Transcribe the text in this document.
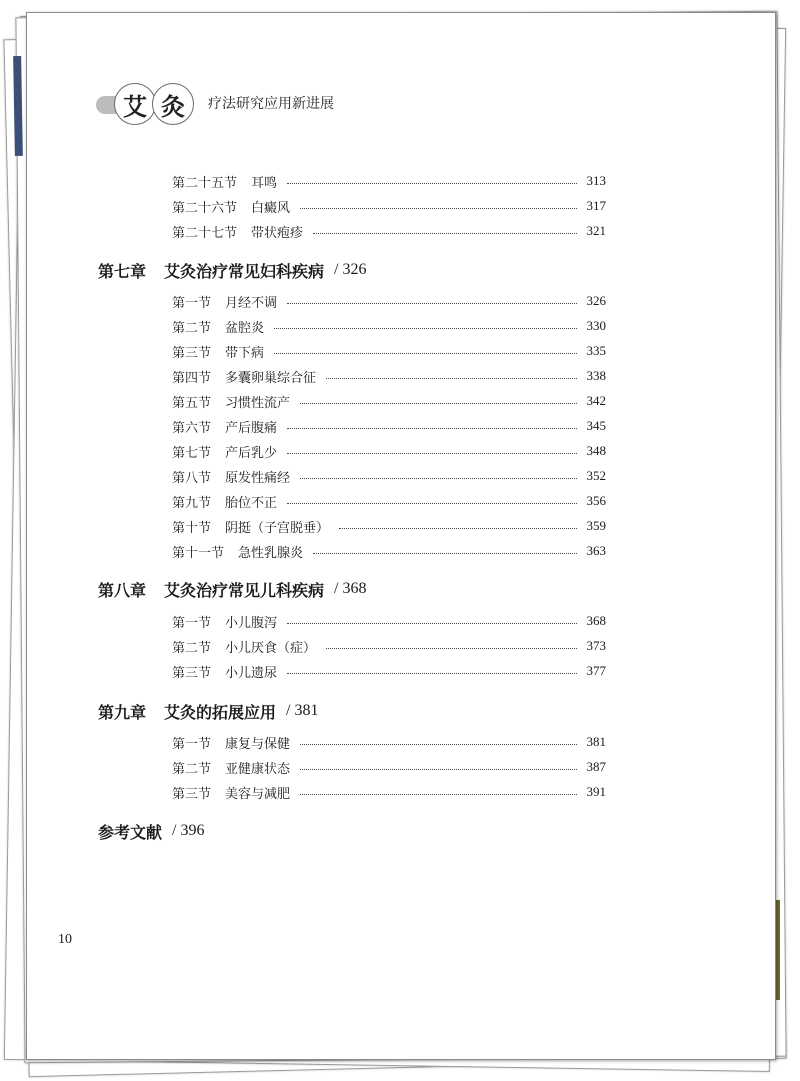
艾 灸	疗法研究应用新进展
第二十五节 耳鸣	313
第二十六节 白癜风	317
第二十七节 带状疱疹	321
第七章 艾灸治疗常见妇科疾病 / 326
第一节 月经不调	326
第二节 盆腔炎	330
第三节 带下病	335
第四节 多囊卵巢综合征	338
第五节 习惯性流产	342
第六节 产后腹痛	345
第七节 产后乳少	348
第八节 原发性痛经	352
第九节 胎位不正	356
第十节 阴挺（子宫脱垂）	359
第十一节 急性乳腺炎	363
第八章 艾灸治疗常见儿科疾病 / 368
第一节 小儿腹泻	368
第二节 小儿厌食（症）	373
第三节 小儿遗尿	377
第九章 艾灸的拓展应用 / 381
第一节 康复与保健	381
第二节 亚健康状态	387
第三节 美容与减肥	391
参考文献 / 396
10
